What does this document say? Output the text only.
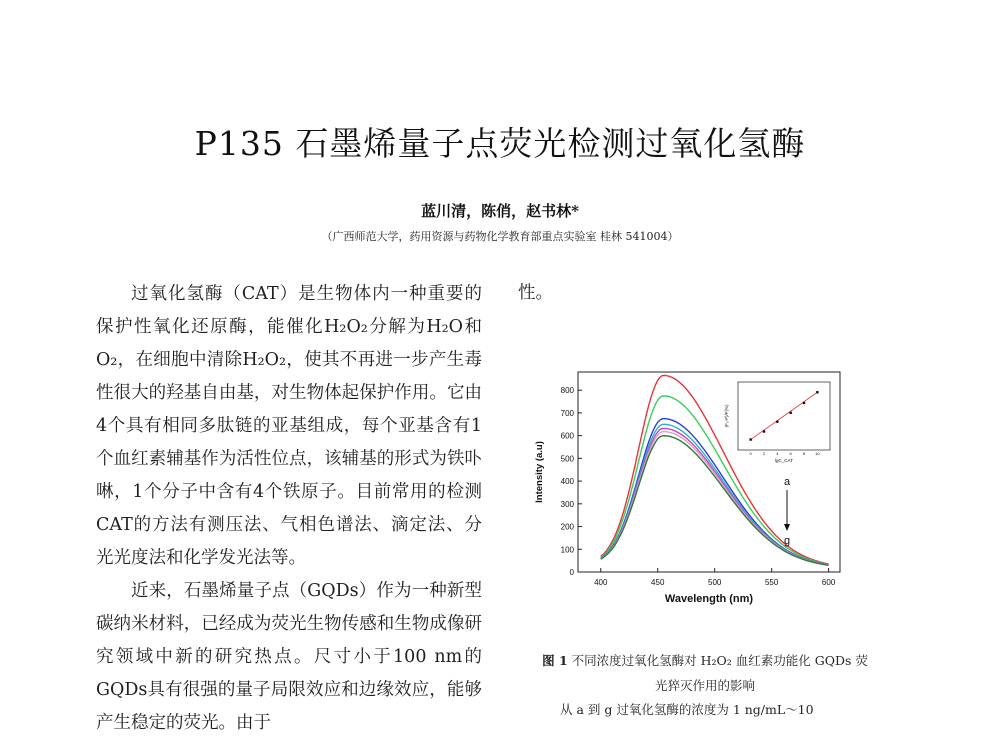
P135 石墨烯量子点荧光检测过氧化氢酶
蓝川清，陈俏，赵书林*
（广西师范大学，药用资源与药物化学教育部重点实验室 桂林 541004）

过氧化氢酶（CAT）是生物体内一种重要的保护性氧化还原酶，能催化H₂O₂分解为H₂O和O₂，在细胞中清除H₂O₂，使其不再进一步产生毒性很大的羟基自由基，对生物体起保护作用。它由4个具有相同多肽链的亚基组成，每个亚基含有1个血红素辅基作为活性位点，该辅基的形式为铁卟啉，1个分子中含有4个铁原子。目前常用的检测CAT的方法有测压法、气相色谱法、滴定法、分光光度法和化学发光法等。

近来，石墨烯量子点（GQDs）作为一种新型碳纳米材料，已经成为荧光生物传感和生物成像研究领域中新的研究热点。尺寸小于100 nm的GQDs具有很强的量子局限效应和边缘效应，能够产生稳定的荧光。由于

性。
0
100
200
300
400
500
600
700
800
400	450	500	550	600
Intensity (a.u)
Wavelength (nm)
a
g
(F₀-F)/F(%)
lgC_CAT
0	2	4	6	8 10
图 1 不同浓度过氧化氢酶对 H₂O₂ 血红素功能化 GQDs 荧光猝灭作用的影响
从 a 到 g 过氧化氢酶的浓度为 1 ng/mL～10
